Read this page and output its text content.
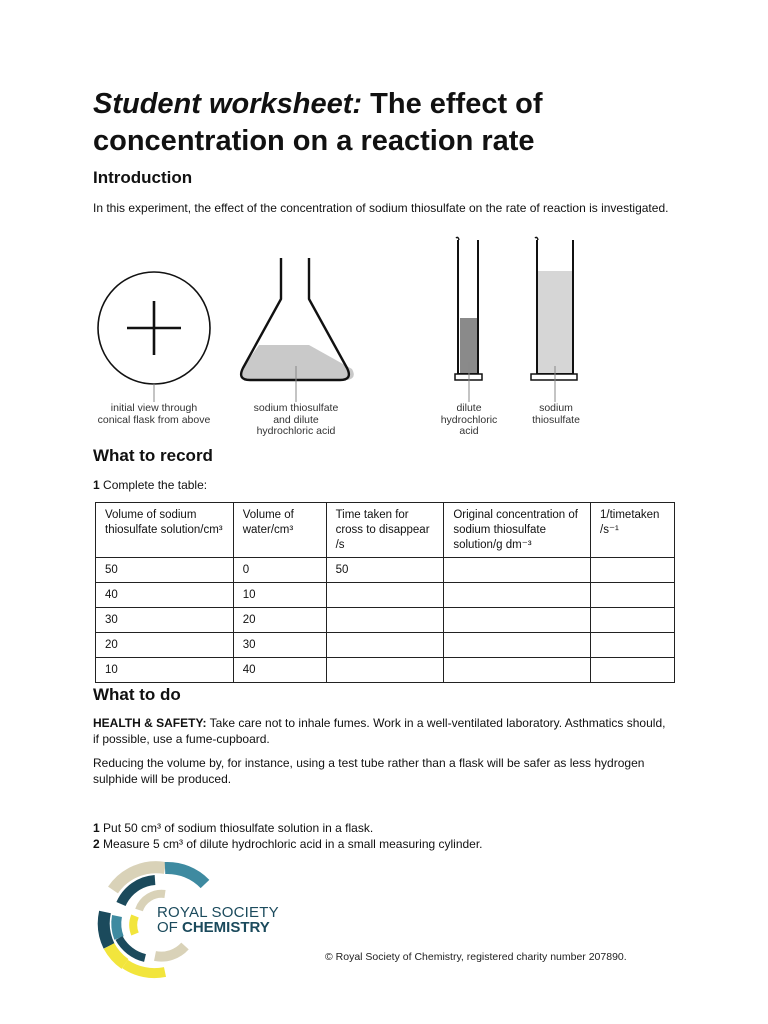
Student worksheet: The effect of concentration on a reaction rate
Introduction
In this experiment, the effect of the concentration of sodium thiosulfate on the rate of reaction is investigated.
initial view through
conical flask from above
sodium thiosulfate
and dilute
hydrochloric acid
dilute
hydrochloric
acid
sodium
thiosulfate
What to record
1 Complete the table:
Volume of sodium thiosulfate solution/cm³	Volume of water/cm³	Time taken for cross to disappear /s	Original concentration of sodium thiosulfate solution/g dm⁻³	1/timetaken /s⁻¹
50	0	50		
40	10			
30	20			
20	30			
10	40			
What to do
HEALTH & SAFETY: Take care not to inhale fumes. Work in a well-ventilated laboratory. Asthmatics should, if possible, use a fume-cupboard.
Reducing the volume by, for instance, using a test tube rather than a flask will be safer as less hydrogen sulphide will be produced.
1 Put 50 cm³ of sodium thiosulfate solution in a flask.
2 Measure 5 cm³ of dilute hydrochloric acid in a small measuring cylinder.
ROYAL SOCIETY
OF CHEMISTRY
© Royal Society of Chemistry, registered charity number 207890.
